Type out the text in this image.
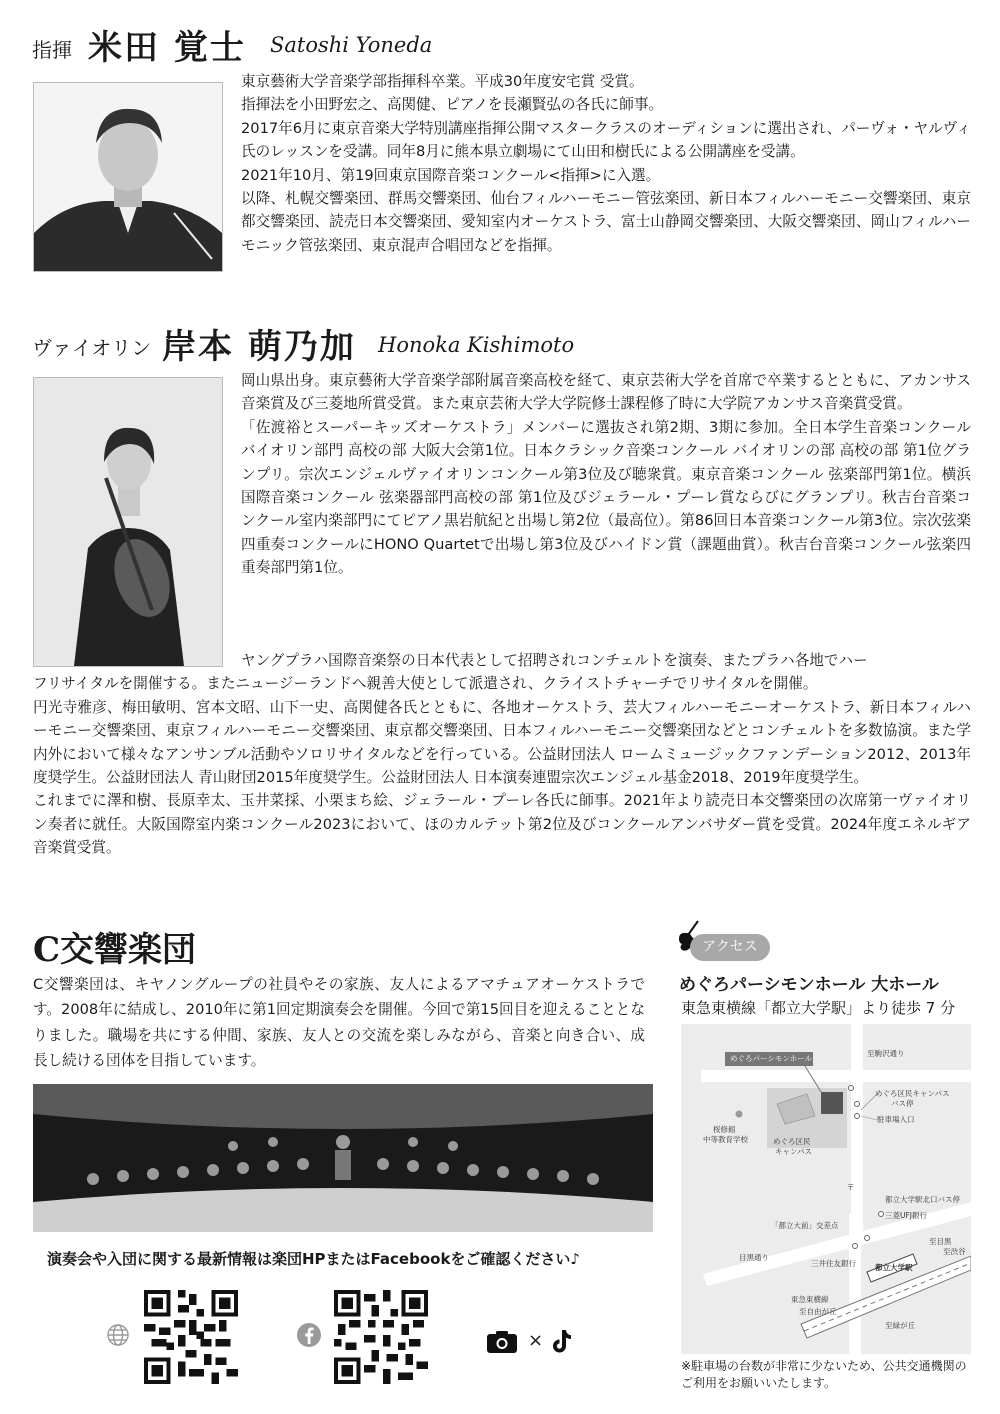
指揮 米田 覚士 Satoshi Yoneda

東京藝術大学音楽学部指揮科卒業。平成30年度安宅賞 受賞。

指揮法を小田野宏之、高関健、ピアノを長瀬賢弘の各氏に師事。

2017年6月に東京音楽大学特別講座指揮公開マスタークラスのオーディションに選出され、パーヴォ・ヤルヴィ氏のレッスンを受講。同年8月に熊本県立劇場にて山田和樹氏による公開講座を受講。

2021年10月、第19回東京国際音楽コンクール<指揮>に入選。

以降、札幌交響楽団、群馬交響楽団、仙台フィルハーモニー管弦楽団、新日本フィルハーモニー交響楽団、東京都交響楽団、読売日本交響楽団、愛知室内オーケストラ、富士山静岡交響楽団、大阪交響楽団、岡山フィルハーモニック管弦楽団、東京混声合唱団などを指揮。

ヴァイオリン 岸本 萌乃加 Honoka Kishimoto

岡山県出身。東京藝術大学音楽学部附属音楽高校を経て、東京芸術大学を首席で卒業するとともに、アカンサス音楽賞及び三菱地所賞受賞。また東京芸術大学大学院修士課程修了時に大学院アカンサス音楽賞受賞。

「佐渡裕とスーパーキッズオーケストラ」メンバーに選抜され第2期、3期に参加。全日本学生音楽コンクール バイオリン部門 高校の部 大阪大会第1位。日本クラシック音楽コンクール バイオリンの部 高校の部 第1位グランプリ。宗次エンジェルヴァイオリンコンクール第3位及び聴衆賞。東京音楽コンクール 弦楽部門第1位。横浜国際音楽コンクール 弦楽器部門高校の部 第1位及びジェラール・プーレ賞ならびにグランプリ。秋吉台音楽コンクール室内楽部門にてピアノ黒岩航紀と出場し第2位（最高位）。第86回日本音楽コンクール第3位。宗次弦楽四重奏コンクールにHONO Quartetで出場し第3位及びハイドン賞（課題曲賞）。秋吉台音楽コンクール弦楽四重奏部門第1位。

ヤングプラハ国際音楽祭の日本代表として招聘されコンチェルトを演奏、またプラハ各地でハー

フリサイタルを開催する。またニュージーランドへ親善大使として派遣され、クライストチャーチでリサイタルを開催。

円光寺雅彦、梅田敏明、宮本文昭、山下一史、高関健各氏とともに、各地オーケストラ、芸大フィルハーモニーオーケストラ、新日本フィルハーモニー交響楽団、東京フィルハーモニー交響楽団、東京都交響楽団、日本フィルハーモニー交響楽団などとコンチェルトを多数協演。また学内外において様々なアンサンブル活動やソロリサイタルなどを行っている。公益財団法人 ロームミュージックファンデーション2012、2013年度奨学生。公益財団法人 青山財団2015年度奨学生。公益財団法人 日本演奏連盟宗次エンジェル基金2018、2019年度奨学生。

これまでに澤和樹、長原幸太、玉井菜採、小栗まち絵、ジェラール・プーレ各氏に師事。2021年より読売日本交響楽団の次席第一ヴァイオリン奏者に就任。大阪国際室内楽コンクール2023において、ほのカルテット第2位及びコンクールアンバサダー賞を受賞。2024年度エネルギア音楽賞受賞。

C交響楽団

C交響楽団は、キヤノングループの社員やその家族、友人によるアマチュアオーケストラです。2008年に結成し、2010年に第1回定期演奏会を開催。今回で第15回目を迎えることとなりました。職場を共にする仲間、家族、友人との交流を楽しみながら、音楽と向き合い、成長し続ける団体を目指しています。

演奏会や入団に関する最新情報は楽団HPまたはFacebookをご確認ください♪
×
アクセス
めぐろパーシモンホール 大ホール
東急東横線「都立大学駅」より徒歩 7 分
めぐろパーシモンホール
至駒沢通り
めぐろ区民キャンパス
バス停
駐車場入口
桜修館
中等教育学校	めぐろ区民
キャンパス
〒
都立大学駅北口バス停
三菱UFJ銀行
「都立大前」交差点
目黒通り
三井住友銀行	都立大学駅
至目黒
至渋谷
東急東横線
至自由が丘
至緑が丘
※駐車場の台数が非常に少ないため、公共交通機関のご利用をお願いいたします。
